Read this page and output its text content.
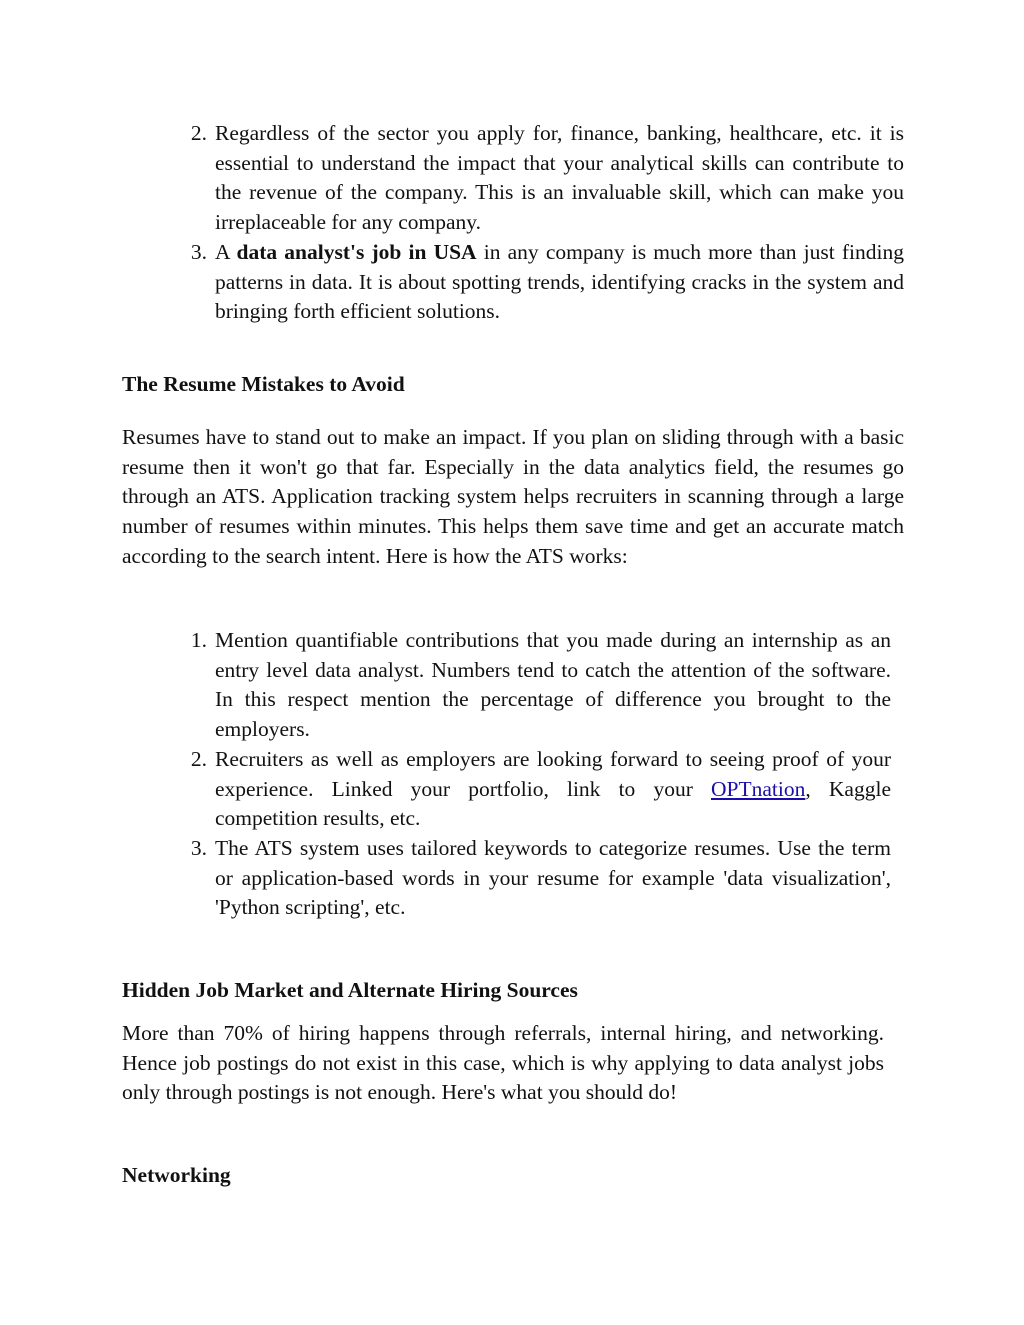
2. Regardless of the sector you apply for, finance, banking, healthcare, etc. it is essential to understand the impact that your analytical skills can contribute to the revenue of the company. This is an invaluable skill, which can make you irreplaceable for any company.
3. A data analyst's job in USA in any company is much more than just finding patterns in data. It is about spotting trends, identifying cracks in the system and bringing forth efficient solutions.
The Resume Mistakes to Avoid

Resumes have to stand out to make an impact. If you plan on sliding through with a basic resume then it won't go that far. Especially in the data analytics field, the resumes go through an ATS. Application tracking system helps recruiters in scanning through a large number of resumes within minutes. This helps them save time and get an accurate match according to the search intent. Here is how the ATS works:

1. Mention quantifiable contributions that you made during an internship as an entry level data analyst. Numbers tend to catch the attention of the software. In this respect mention the percentage of difference you brought to the employers.
2. Recruiters as well as employers are looking forward to seeing proof of your experience. Linked your portfolio, link to your OPTnation, Kaggle competition results, etc.
3. The ATS system uses tailored keywords to categorize resumes. Use the term or application-based words in your resume for example 'data visualization', 'Python scripting', etc.
Hidden Job Market and Alternate Hiring Sources

More than 70% of hiring happens through referrals, internal hiring, and networking. Hence job postings do not exist in this case, which is why applying to data analyst jobs only through postings is not enough. Here's what you should do!

Networking
